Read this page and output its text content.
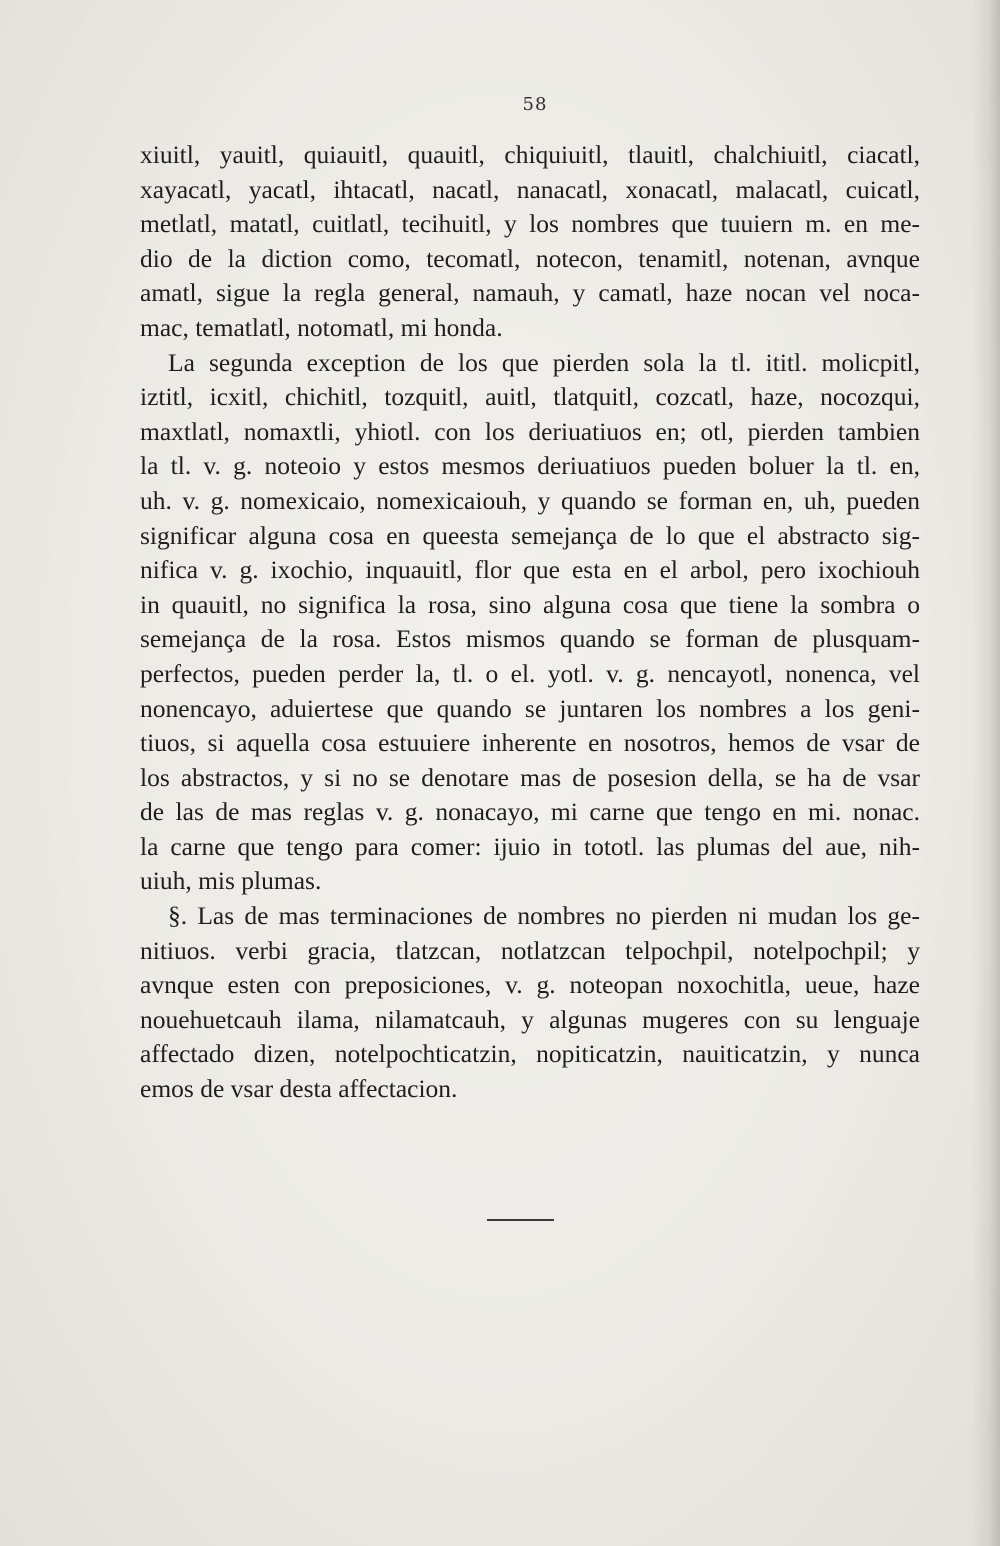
58
xiuitl, yauitl, quiauitl, quauitl, chiquiuitl, tlauitl, chalchiuitl, ciacatl,
xayacatl, yacatl, ihtacatl, nacatl, nanacatl, xonacatl, malacatl, cuicatl,
metlatl, matatl, cuitlatl, tecihuitl, y los nombres que tuuiern m. en me-
dio de la diction como, tecomatl, notecon, tenamitl, notenan, avnque
amatl, sigue la regla general, namauh, y camatl, haze nocan vel noca-
mac, tematlatl, notomatl, mi honda.
La segunda exception de los que pierden sola la tl. ititl. molicpitl,
iztitl, icxitl, chichitl, tozquitl, auitl, tlatquitl, cozcatl, haze, nocozqui,
maxtlatl, nomaxtli, yhiotl. con los deriuatiuos en; otl, pierden tambien
la tl. v. g. noteoio y estos mesmos deriuatiuos pueden boluer la tl. en,
uh. v. g. nomexicaio, nomexicaiouh, y quando se forman en, uh, pueden
significar alguna cosa en queesta semejança de lo que el abstracto sig-
nifica v. g. ixochio, inquauitl, flor que esta en el arbol, pero ixochiouh
in quauitl, no significa la rosa, sino alguna cosa que tiene la sombra o
semejança de la rosa. Estos mismos quando se forman de plusquam-
perfectos, pueden perder la, tl. o el. yotl. v. g. nencayotl, nonenca, vel
nonencayo, aduiertese que quando se juntaren los nombres a los geni-
tiuos, si aquella cosa estuuiere inherente en nosotros, hemos de vsar de
los abstractos, y si no se denotare mas de posesion della, se ha de vsar
de las de mas reglas v. g. nonacayo, mi carne que tengo en mi. nonac.
la carne que tengo para comer: ijuio in tototl. las plumas del aue, nih-
uiuh, mis plumas.
§. Las de mas terminaciones de nombres no pierden ni mudan los ge-
nitiuos. verbi gracia, tlatzcan, notlatzcan telpochpil, notelpochpil; y
avnque esten con preposiciones, v. g. noteopan noxochitla, ueue, haze
nouehuetcauh ilama, nilamatcauh, y algunas mugeres con su lenguaje
affectado dizen, notelpochticatzin, nopiticatzin, nauiticatzin, y nunca
emos de vsar desta affectacion.
